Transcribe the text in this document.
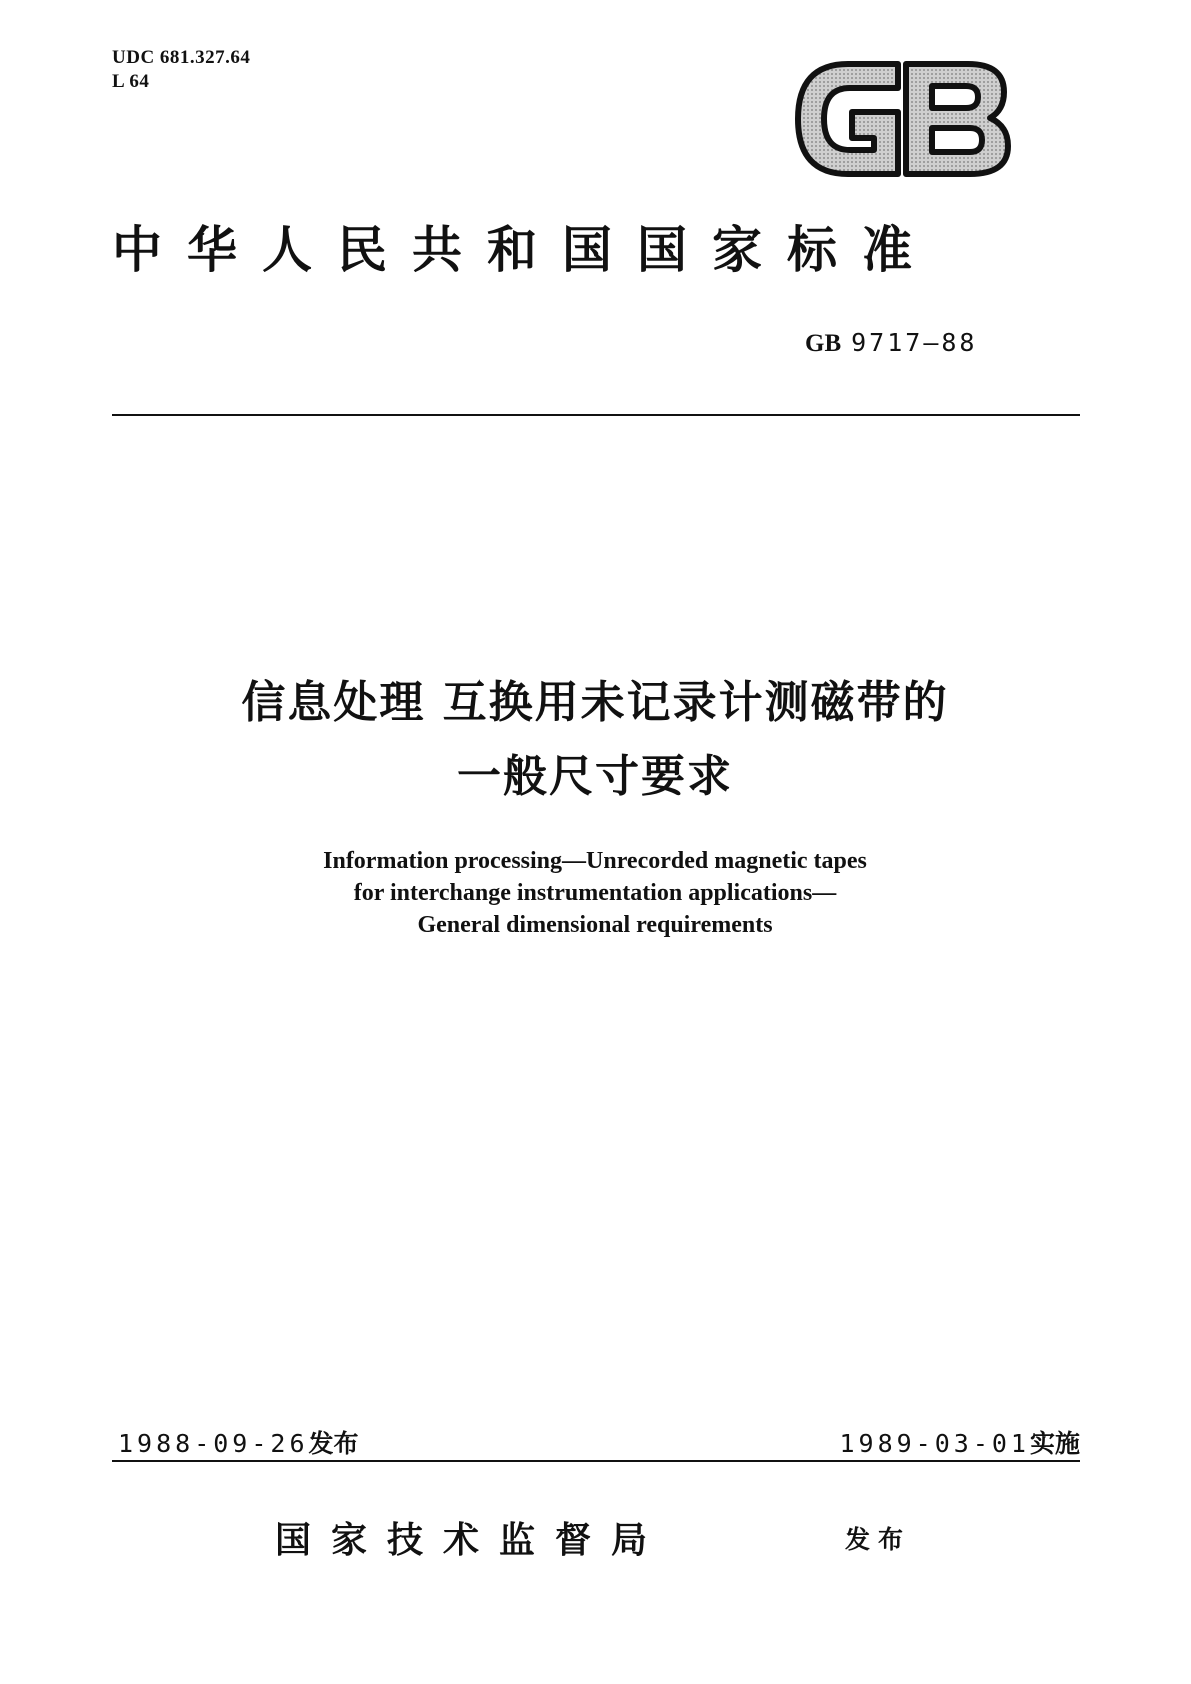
UDC 681.327.64
L 64
中华人民共和国国家标准
GB 9717—88
信息处理 互换用未记录计测磁带的
一般尺寸要求
Information processing—Unrecorded magnetic tapes
for interchange instrumentation applications—
General dimensional requirements
1988-09-26发布	1989-03-01实施
国家技术监督局	发布
